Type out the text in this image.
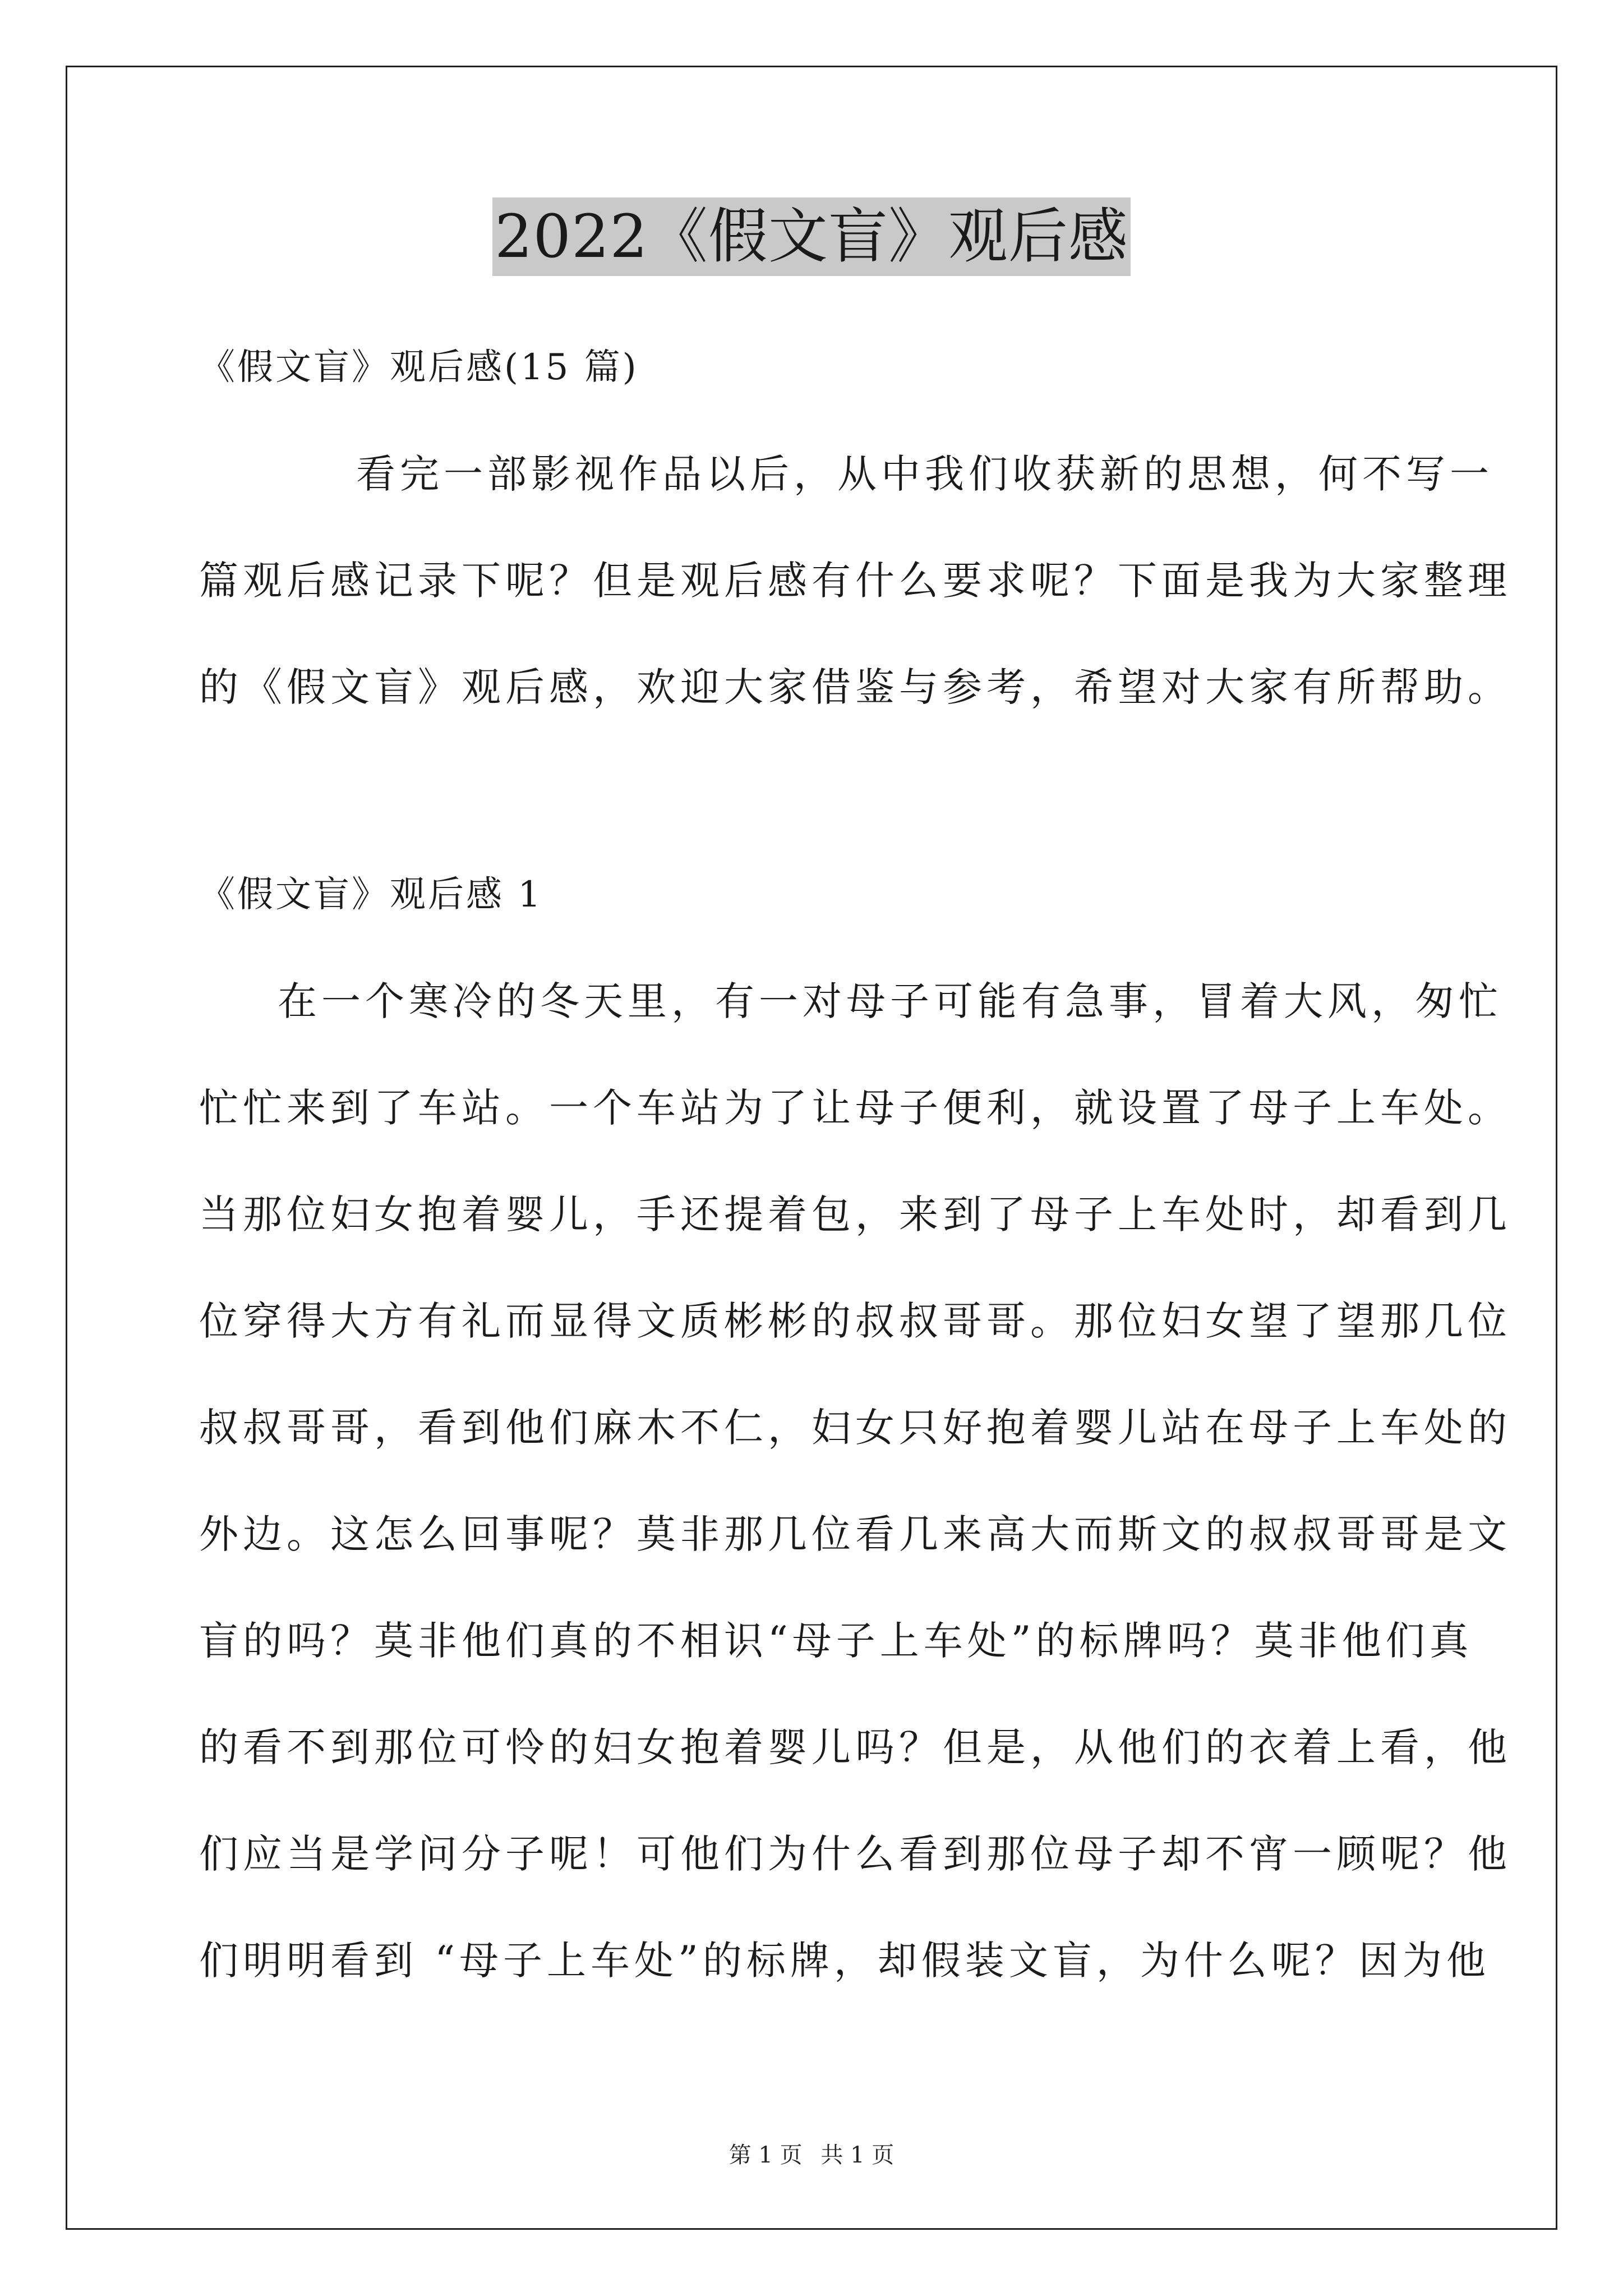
2022《假文盲》观后感
《假文盲》观后感(15 篇)
看完一部影视作品以后，从中我们收获新的思想，何不写一
篇观后感记录下呢？但是观后感有什么要求呢？下面是我为大家整理
的《假文盲》观后感，欢迎大家借鉴与参考，希望对大家有所帮助。
《假文盲》观后感 1
在一个寒冷的冬天里，有一对母子可能有急事，冒着大风，匆忙
忙忙来到了车站。一个车站为了让母子便利，就设置了母子上车处。
当那位妇女抱着婴儿，手还提着包，来到了母子上车处时，却看到几
位穿得大方有礼而显得文质彬彬的叔叔哥哥。那位妇女望了望那几位
叔叔哥哥，看到他们麻木不仁，妇女只好抱着婴儿站在母子上车处的
外边。这怎么回事呢？莫非那几位看几来高大而斯文的叔叔哥哥是文
盲的吗？莫非他们真的不相识“母子上车处”的标牌吗？莫非他们真
的看不到那位可怜的妇女抱着婴儿吗？但是，从他们的衣着上看，他
们应当是学问分子呢！可他们为什么看到那位母子却不宵一顾呢？他
们明明看到 “母子上车处”的标牌，却假装文盲，为什么呢？因为他
第 1 页 共 1 页
